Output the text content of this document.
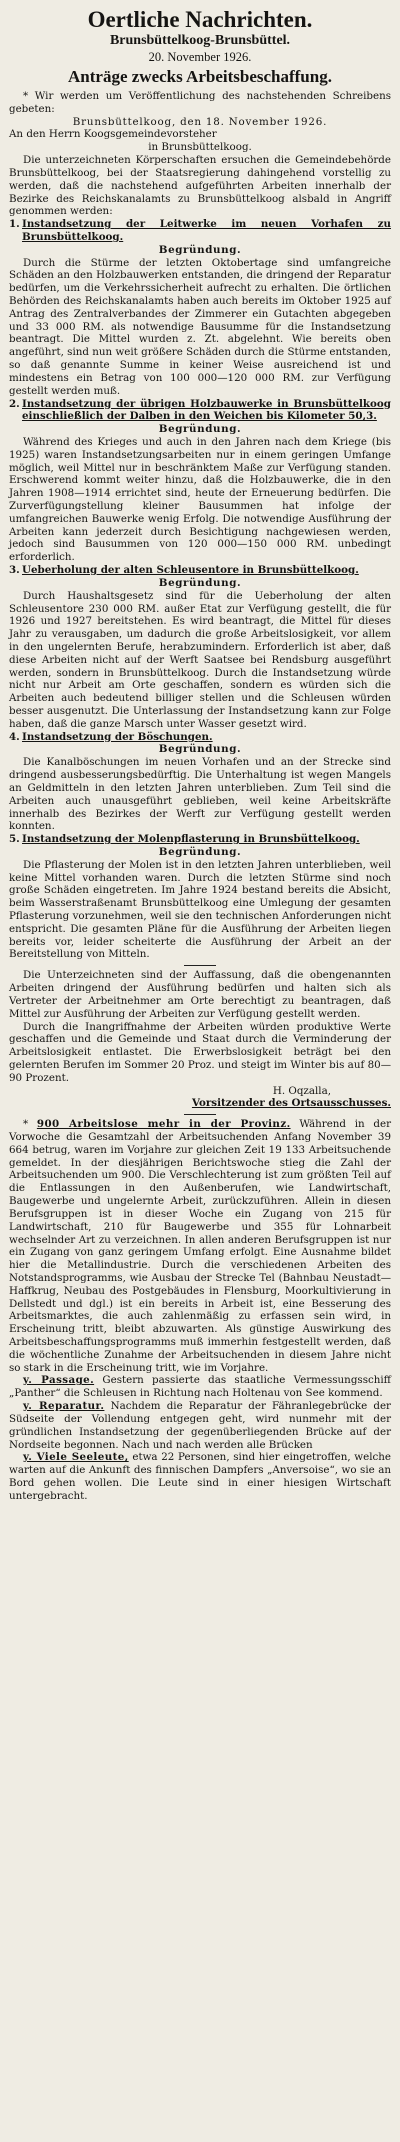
Oertliche Nachrichten.
Brunsbüttelkoog-Brunsbüttel.
20. November 1926.
Anträge zwecks Arbeitsbeschaffung.

* Wir werden um Veröffentlichung des nachstehenden Schreibens gebeten:

Brunsbüttelkoog, den 18. November 1926.

An den Herrn Koogsgemeindevorsteher

in Brunsbüttelkoog.

Die unterzeichneten Körperschaften ersuchen die Gemeindebehörde Brunsbüttelkoog, bei der Staatsregierung dahingehend vorstellig zu werden, daß die nachstehend aufgeführten Arbeiten innerhalb der Bezirke des Reichskanalamts zu Brunsbüttelkoog alsbald in Angriff genommen werden:

1. Instandsetzung der Leitwerke im neuen Vorhafen zu Brunsbüttelkoog.

Begründung.

Durch die Stürme der letzten Oktobertage sind umfangreiche Schäden an den Holzbauwerken entstanden, die dringend der Reparatur bedürfen, um die Verkehrssicherheit aufrecht zu erhalten. Die örtlichen Behörden des Reichskanalamts haben auch bereits im Oktober 1925 auf Antrag des Zentralverbandes der Zimmerer ein Gutachten abgegeben und 33 000 RM. als notwendige Bausumme für die Instandsetzung beantragt. Die Mittel wurden z. Zt. abgelehnt. Wie bereits oben angeführt, sind nun weit größere Schäden durch die Stürme entstanden, so daß genannte Summe in keiner Weise ausreichend ist und mindestens ein Betrag von 100 000—120 000 RM. zur Verfügung gestellt werden muß.

2. Instandsetzung der übrigen Holzbauwerke in Brunsbüttelkoog einschließlich der Dalben in den Weichen bis Kilometer 50,3.

Begründung.

Während des Krieges und auch in den Jahren nach dem Kriege (bis 1925) waren Instandsetzungsarbeiten nur in einem geringen Umfange möglich, weil Mittel nur in beschränktem Maße zur Verfügung standen. Erschwerend kommt weiter hinzu, daß die Holzbauwerke, die in den Jahren 1908—1914 errichtet sind, heute der Erneuerung bedürfen. Die Zurverfügungstellung kleiner Bausummen hat infolge der umfangreichen Bauwerke wenig Erfolg. Die notwendige Ausführung der Arbeiten kann jederzeit durch Besichtigung nachgewiesen werden, jedoch sind Bausummen von 120 000—150 000 RM. unbedingt erforderlich.

3. Ueberholung der alten Schleusentore in Brunsbüttelkoog.

Begründung.

Durch Haushaltsgesetz sind für die Ueberholung der alten Schleusentore 230 000 RM. außer Etat zur Verfügung gestellt, die für 1926 und 1927 bereitstehen. Es wird beantragt, die Mittel für dieses Jahr zu verausgaben, um dadurch die große Arbeitslosigkeit, vor allem in den ungelernten Berufe, herabzumindern. Erforderlich ist aber, daß diese Arbeiten nicht auf der Werft Saatsee bei Rendsburg ausgeführt werden, sondern in Brunsbüttelkoog. Durch die Instandsetzung würde nicht nur Arbeit am Orte geschaffen, sondern es würden sich die Arbeiten auch bedeutend billiger stellen und die Schleusen würden besser ausgenutzt. Die Unterlassung der Instandsetzung kann zur Folge haben, daß die ganze Marsch unter Wasser gesetzt wird.

4. Instandsetzung der Böschungen.

Begründung.

Die Kanalböschungen im neuen Vorhafen und an der Strecke sind dringend ausbesserungsbedürftig. Die Unterhaltung ist wegen Mangels an Geldmitteln in den letzten Jahren unterblieben. Zum Teil sind die Arbeiten auch unausgeführt geblieben, weil keine Arbeitskräfte innerhalb des Bezirkes der Werft zur Verfügung gestellt werden konnten.

5. Instandsetzung der Molenpflasterung in Brunsbüttelkoog.

Begründung.

Die Pflasterung der Molen ist in den letzten Jahren unterblieben, weil keine Mittel vorhanden waren. Durch die letzten Stürme sind noch große Schäden eingetreten. Im Jahre 1924 bestand bereits die Absicht, beim Wasserstraßenamt Brunsbüttelkoog eine Umlegung der gesamten Pflasterung vorzunehmen, weil sie den technischen Anforderungen nicht entspricht. Die gesamten Pläne für die Ausführung der Arbeiten liegen bereits vor, leider scheiterte die Ausführung der Arbeit an der Bereitstellung von Mitteln.

Die Unterzeichneten sind der Auffassung, daß die obengenannten Arbeiten dringend der Ausführung bedürfen und halten sich als Vertreter der Arbeitnehmer am Orte berechtigt zu beantragen, daß Mittel zur Ausführung der Arbeiten zur Verfügung gestellt werden.

Durch die Inangriffnahme der Arbeiten würden produktive Werte geschaffen und die Gemeinde und Staat durch die Verminderung der Arbeitslosigkeit entlastet. Die Erwerbslosigkeit beträgt bei den gelernten Berufen im Sommer 20 Proz. und steigt im Winter bis auf 80—90 Prozent.

H. Oqzalla,

Vorsitzender des Ortsausschusses.

* 900 Arbeitslose mehr in der Provinz. Während in der Vorwoche die Gesamtzahl der Arbeitsuchenden Anfang November 39 664 betrug, waren im Vorjahre zur gleichen Zeit 19 133 Arbeitsuchende gemeldet. In der diesjährigen Berichtswoche stieg die Zahl der Arbeitsuchenden um 900. Die Verschlechterung ist zum größten Teil auf die Entlassungen in den Außenberufen, wie Landwirtschaft, Baugewerbe und ungelernte Arbeit, zurückzuführen. Allein in diesen Berufsgruppen ist in dieser Woche ein Zugang von 215 für Landwirtschaft, 210 für Baugewerbe und 355 für Lohnarbeit wechselnder Art zu verzeichnen. In allen anderen Berufsgruppen ist nur ein Zugang von ganz geringem Umfang erfolgt. Eine Ausnahme bildet hier die Metallindustrie. Durch die verschiedenen Arbeiten des Notstandsprogramms, wie Ausbau der Strecke Tel (Bahnbau Neustadt—Haffkrug, Neubau des Postgebäudes in Flensburg, Moorkultivierung in Dellstedt und dgl.) ist ein bereits in Arbeit ist, eine Besserung des Arbeitsmarktes, die auch zahlenmäßig zu erfassen sein wird, in Erscheinung tritt, bleibt abzuwarten. Als günstige Auswirkung des Arbeitsbeschaffungsprogramms muß immerhin festgestellt werden, daß die wöchentliche Zunahme der Arbeitsuchenden in diesem Jahre nicht so stark in die Erscheinung tritt, wie im Vorjahre.

y. Passage. Gestern passierte das staatliche Vermessungsschiff „Panther“ die Schleusen in Richtung nach Holtenau von See kommend.

y. Reparatur. Nachdem die Reparatur der Fähranlegebrücke der Südseite der Vollendung entgegen geht, wird nunmehr mit der gründlichen Instandsetzung der gegenüberliegenden Brücke auf der Nordseite begonnen. Nach und nach werden alle Brücken

y. Viele Seeleute, etwa 22 Personen, sind hier eingetroffen, welche warten auf die Ankunft des finnischen Dampfers „Anversoise“, wo sie an Bord gehen wollen. Die Leute sind in einer hiesigen Wirtschaft untergebracht.
